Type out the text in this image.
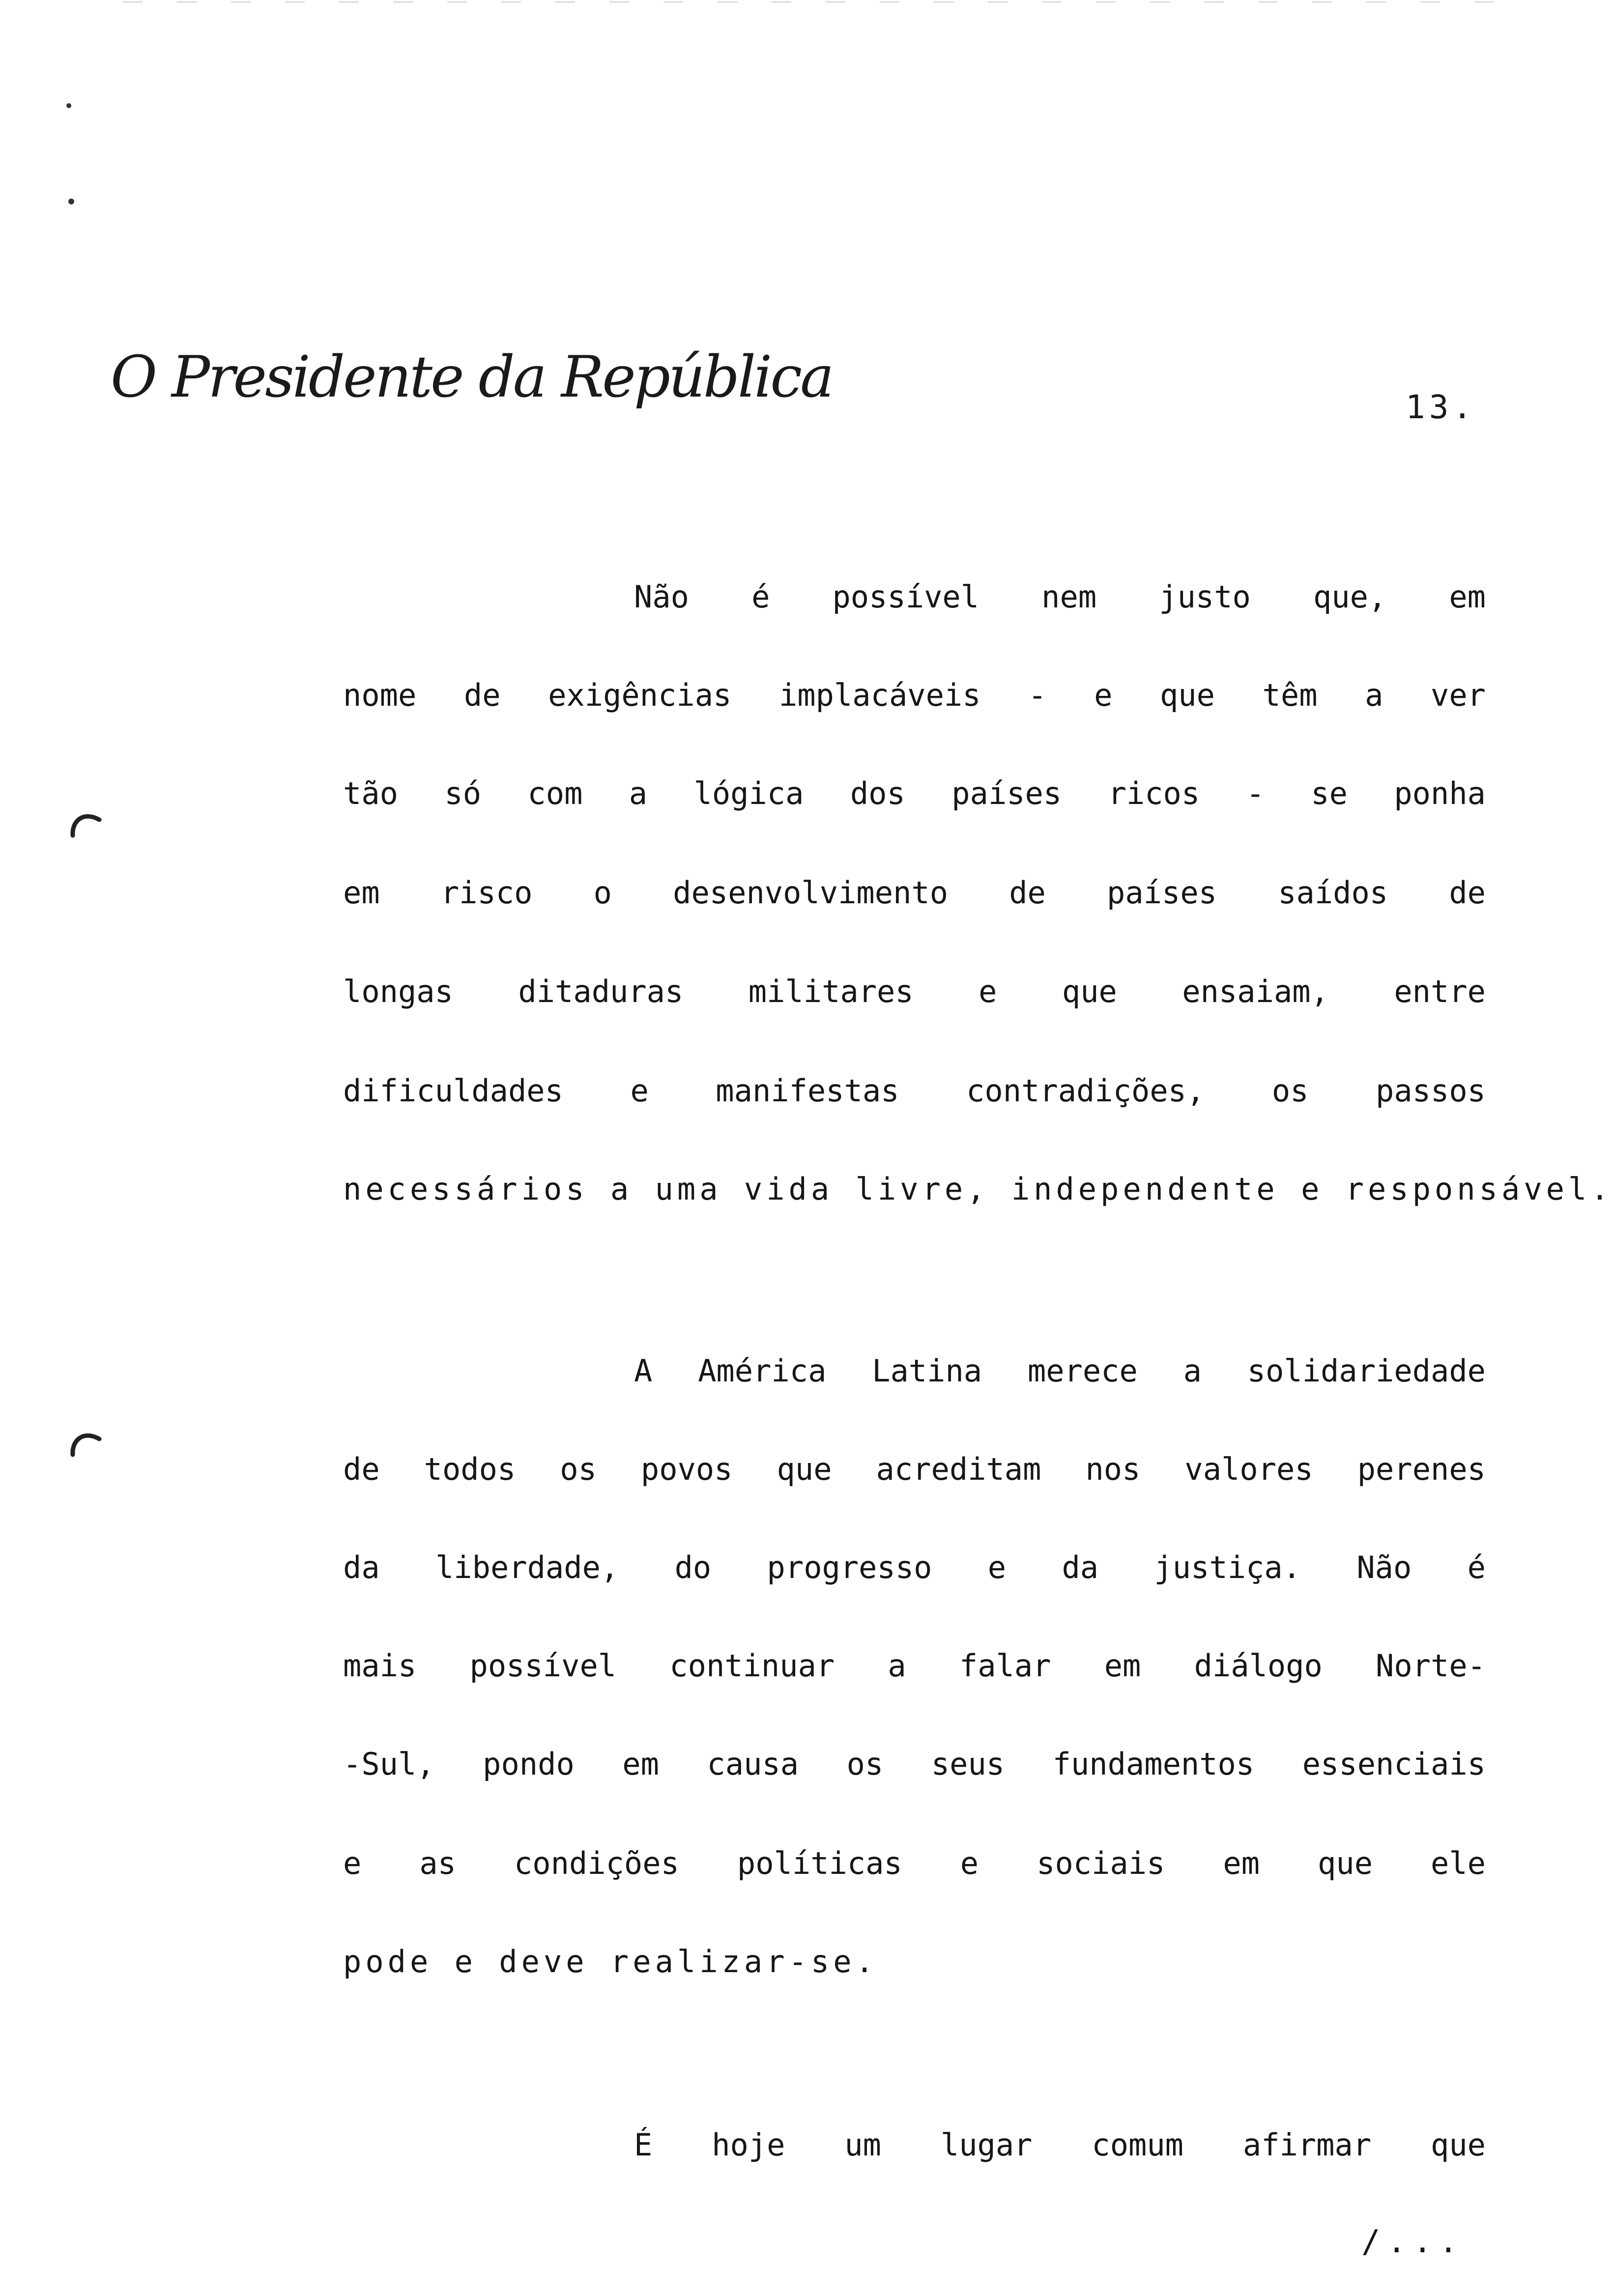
O Presidente da República	13.
Não é possível nem justo que, em
nome de exigências implacáveis - e que têm a ver
tão só com a lógica dos países ricos - se ponha
em risco o desenvolvimento de países saídos de
longas ditaduras militares e que ensaiam, entre
dificuldades e manifestas contradições, os passos
necessários a uma vida livre, independente e responsável.
A América Latina merece a solidariedade
de todos os povos que acreditam nos valores perenes
da liberdade, do progresso e da justiça. Não é
mais possível continuar a falar em diálogo Norte-
-Sul, pondo em causa os seus fundamentos essenciais
e as condições políticas e sociais em que ele
pode e deve realizar-se.
É hoje um lugar comum afirmar que
/...
